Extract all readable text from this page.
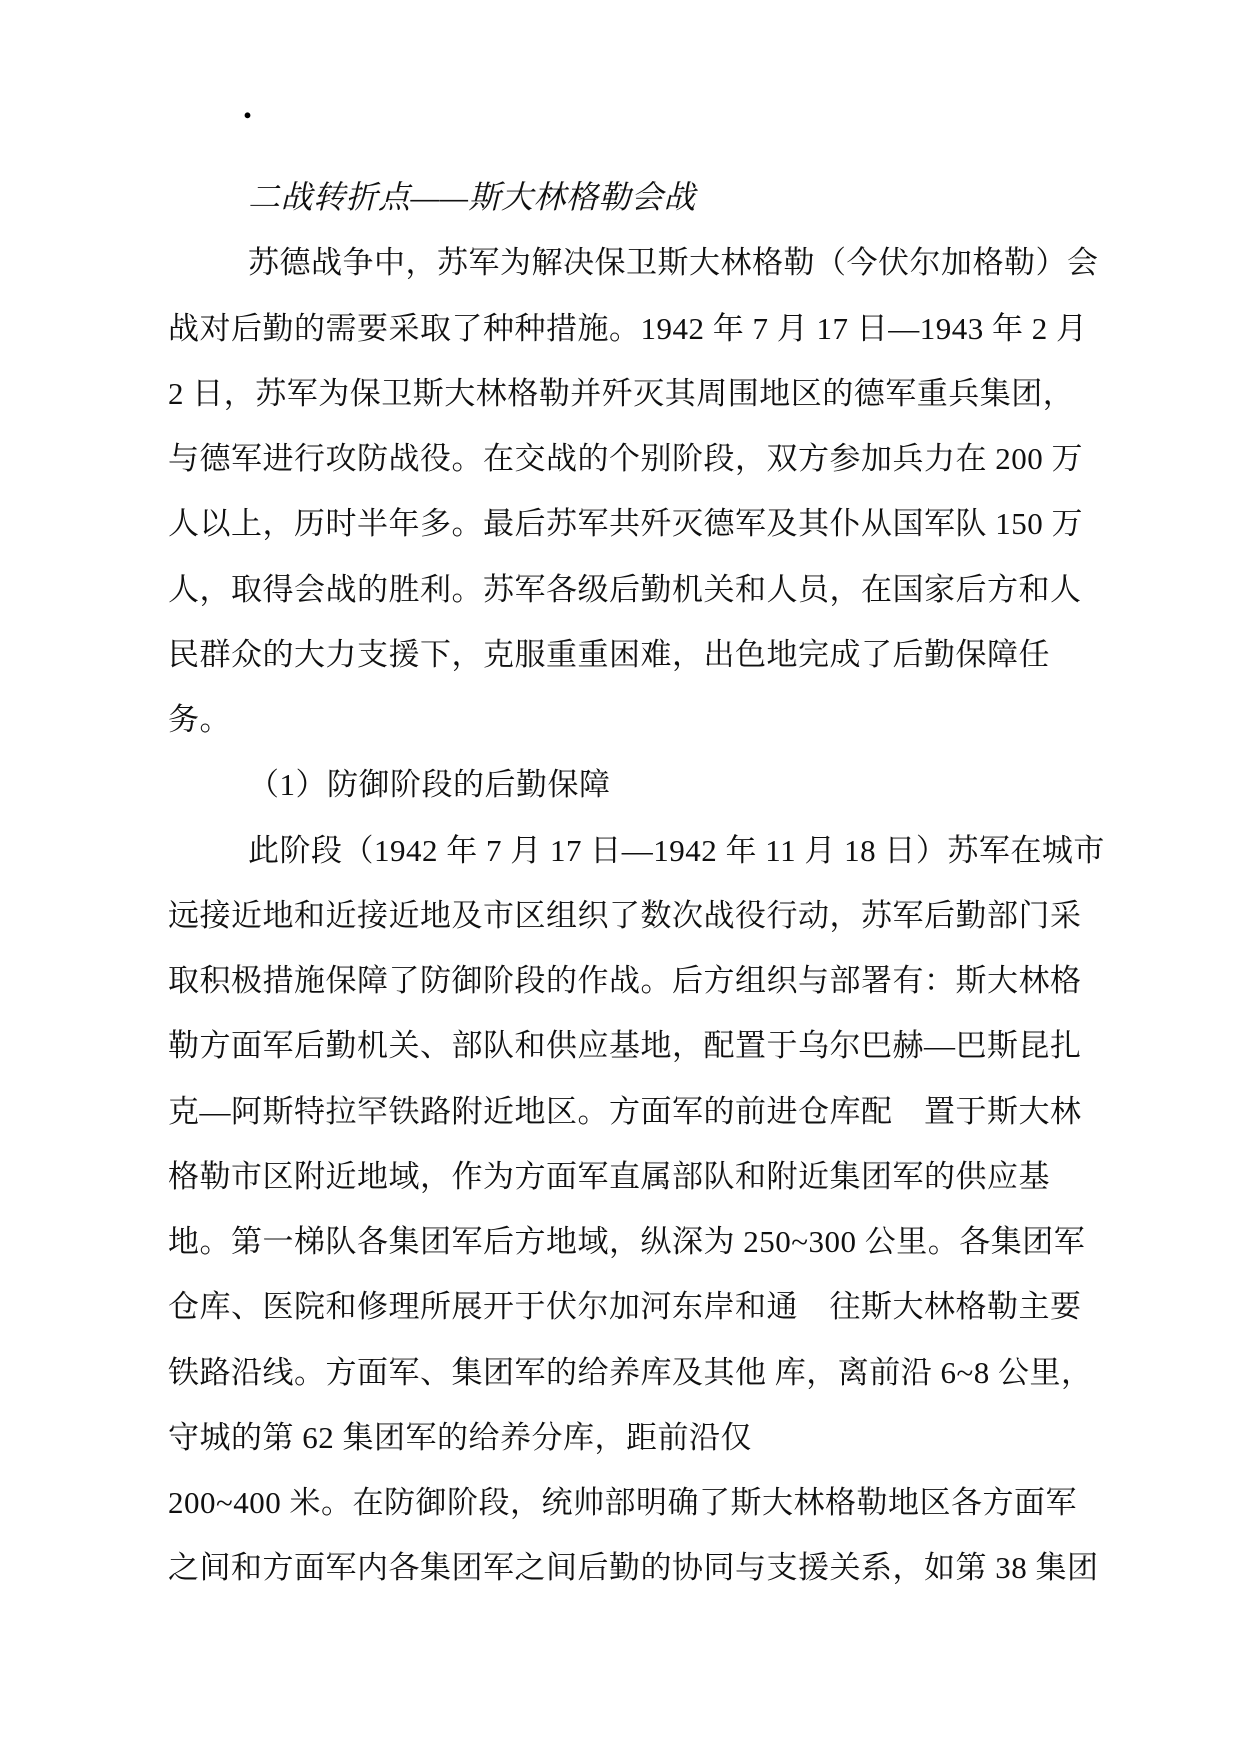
.
二战转折点——斯大林格勒会战
苏德战争中，苏军为解决保卫斯大林格勒（今伏尔加格勒）会
战对后勤的需要采取了种种措施。1942 年 7 月 17 日—1943 年 2 月
2 日，苏军为保卫斯大林格勒并歼灭其周围地区的德军重兵集团，
与德军进行攻防战役。在交战的个别阶段，双方参加兵力在 200 万
人以上，历时半年多。最后苏军共歼灭德军及其仆从国军队 150 万
人，取得会战的胜利。苏军各级后勤机关和人员，在国家后方和人
民群众的大力支援下，克服重重困难，出色地完成了后勤保障任
务。
（1）防御阶段的后勤保障
此阶段（1942 年 7 月 17 日—1942 年 11 月 18 日）苏军在城市
远接近地和近接近地及市区组织了数次战役行动，苏军后勤部门采
取积极措施保障了防御阶段的作战。后方组织与部署有：斯大林格
勒方面军后勤机关、部队和供应基地，配置于乌尔巴赫—巴斯昆扎
克—阿斯特拉罕铁路附近地区。方面军的前进仓库配　置于斯大林
格勒市区附近地域，作为方面军直属部队和附近集团军的供应基
地。第一梯队各集团军后方地域，纵深为 250~300 公里。各集团军
仓库、医院和修理所展开于伏尔加河东岸和通　往斯大林格勒主要
铁路沿线。方面军、集团军的给养库及其他 库，离前沿 6~8 公里，
守城的第 62 集团军的给养分库，距前沿仅
200~400 米。在防御阶段，统帅部明确了斯大林格勒地区各方面军
之间和方面军内各集团军之间后勤的协同与支援关系，如第 38 集团
